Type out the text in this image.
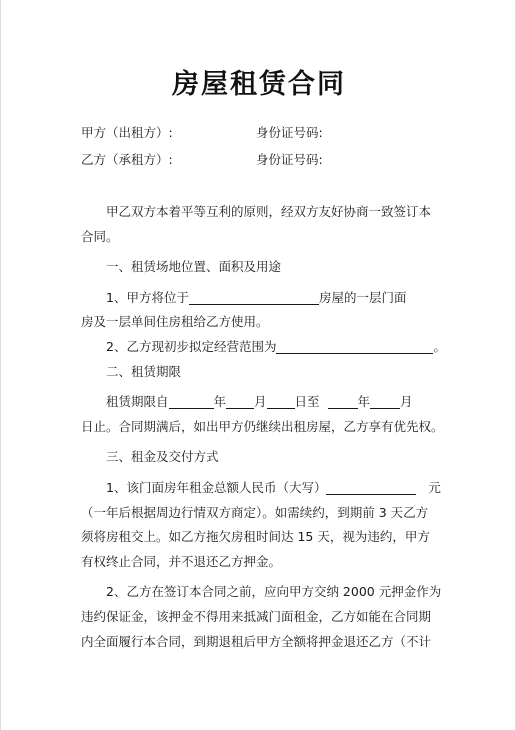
房屋租赁合同
甲方（出租方）:	身份证号码:
乙方（承租方）:	身份证号码:
甲乙双方本着平等互利的原则，经双方友好协商一致签订本
合同。
一、租赁场地位置、面积及用途
1、甲方将位于	房屋的一层门面
房及一层单间住房租给乙方使用。
2、乙方现初步拟定经营范围为	。
二、租赁期限
租赁期限自	年 月 日至	年 月
日止。合同期满后，如出甲方仍继续出租房屋，乙方享有优先权。
三、租金及交付方式
1、该门面房年租金总额人民币（大写）	元
（一年后根据周边行情双方商定）。如需续约，到期前 3 天乙方
须将房租交上。如乙方拖欠房租时间达 15 天，视为违约，甲方
有权终止合同，并不退还乙方押金。
2、乙方在签订本合同之前，应向甲方交纳 2000 元押金作为
违约保证金，该押金不得用来抵减门面租金，乙方如能在合同期
内全面履行本合同，到期退租后甲方全额将押金退还乙方（不计
